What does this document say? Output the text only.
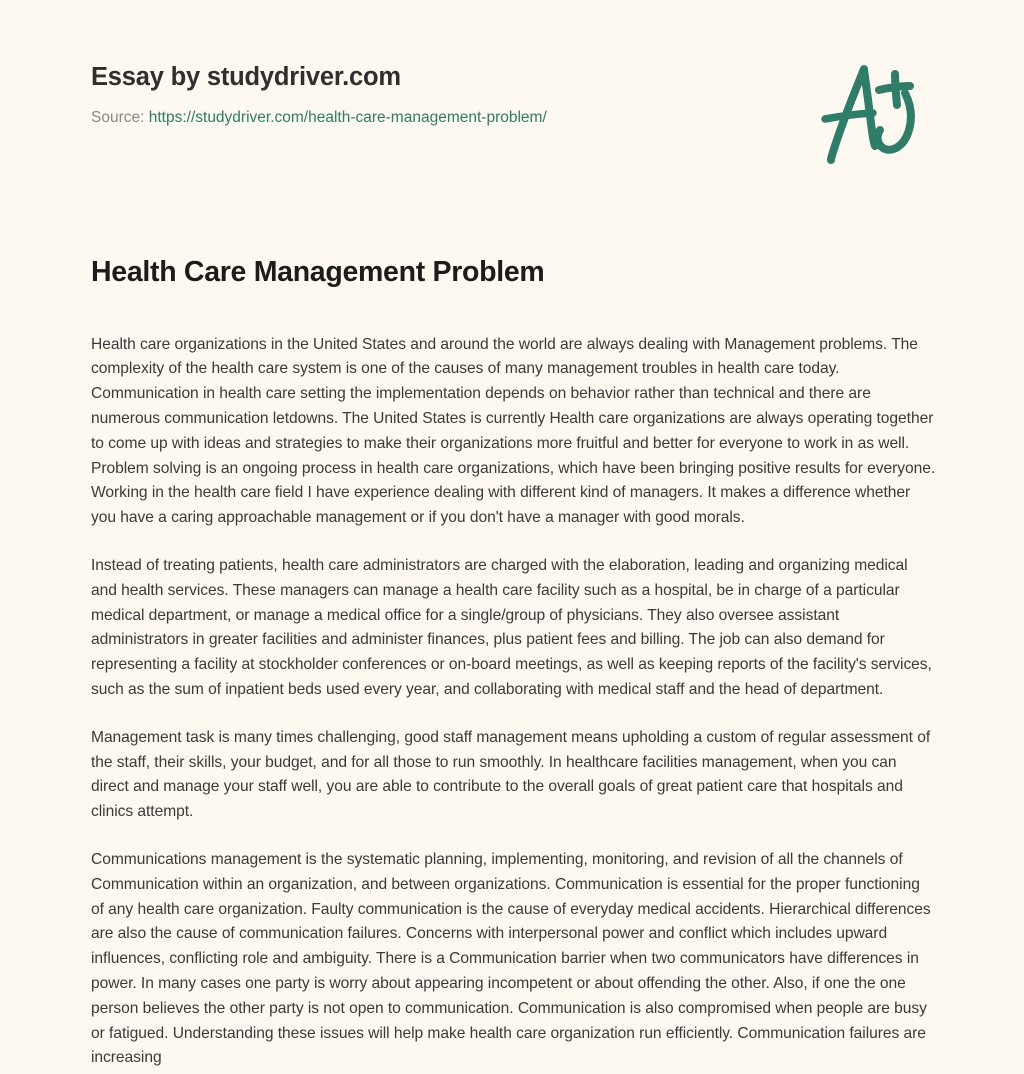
Essay by studydriver.com
Source: https://studydriver.com/health-care-management-problem/
Health Care Management Problem

Health care organizations in the United States and around the world are always dealing with Management problems. The complexity of the health care system is one of the causes of many management troubles in health care today. Communication in health care setting the implementation depends on behavior rather than technical and there are numerous communication letdowns. The United States is currently Health care organizations are always operating together to come up with ideas and strategies to make their organizations more fruitful and better for everyone to work in as well. Problem solving is an ongoing process in health care organizations, which have been bringing positive results for everyone. Working in the health care field I have experience dealing with different kind of managers. It makes a difference whether you have a caring approachable management or if you don't have a manager with good morals.

Instead of treating patients, health care administrators are charged with the elaboration, leading and organizing medical and health services. These managers can manage a health care facility such as a hospital, be in charge of a particular medical department, or manage a medical office for a single/group of physicians. They also oversee assistant administrators in greater facilities and administer finances, plus patient fees and billing. The job can also demand for representing a facility at stockholder conferences or on-board meetings, as well as keeping reports of the facility's services, such as the sum of inpatient beds used every year, and collaborating with medical staff and the head of department.

Management task is many times challenging, good staff management means upholding a custom of regular assessment of the staff, their skills, your budget, and for all those to run smoothly. In healthcare facilities management, when you can direct and manage your staff well, you are able to contribute to the overall goals of great patient care that hospitals and clinics attempt.

Communications management is the systematic planning, implementing, monitoring, and revision of all the channels of Communication within an organization, and between organizations. Communication is essential for the proper functioning of any health care organization. Faulty communication is the cause of everyday medical accidents. Hierarchical differences are also the cause of communication failures. Concerns with interpersonal power and conflict which includes upward influences, conflicting role and ambiguity. There is a Communication barrier when two communicators have differences in power. In many cases one party is worry about appearing incompetent or about offending the other. Also, if one the one person believes the other party is not open to communication. Communication is also compromised when people are busy or fatigued. Understanding these issues will help make health care organization run efficiently. Communication failures are increasing
